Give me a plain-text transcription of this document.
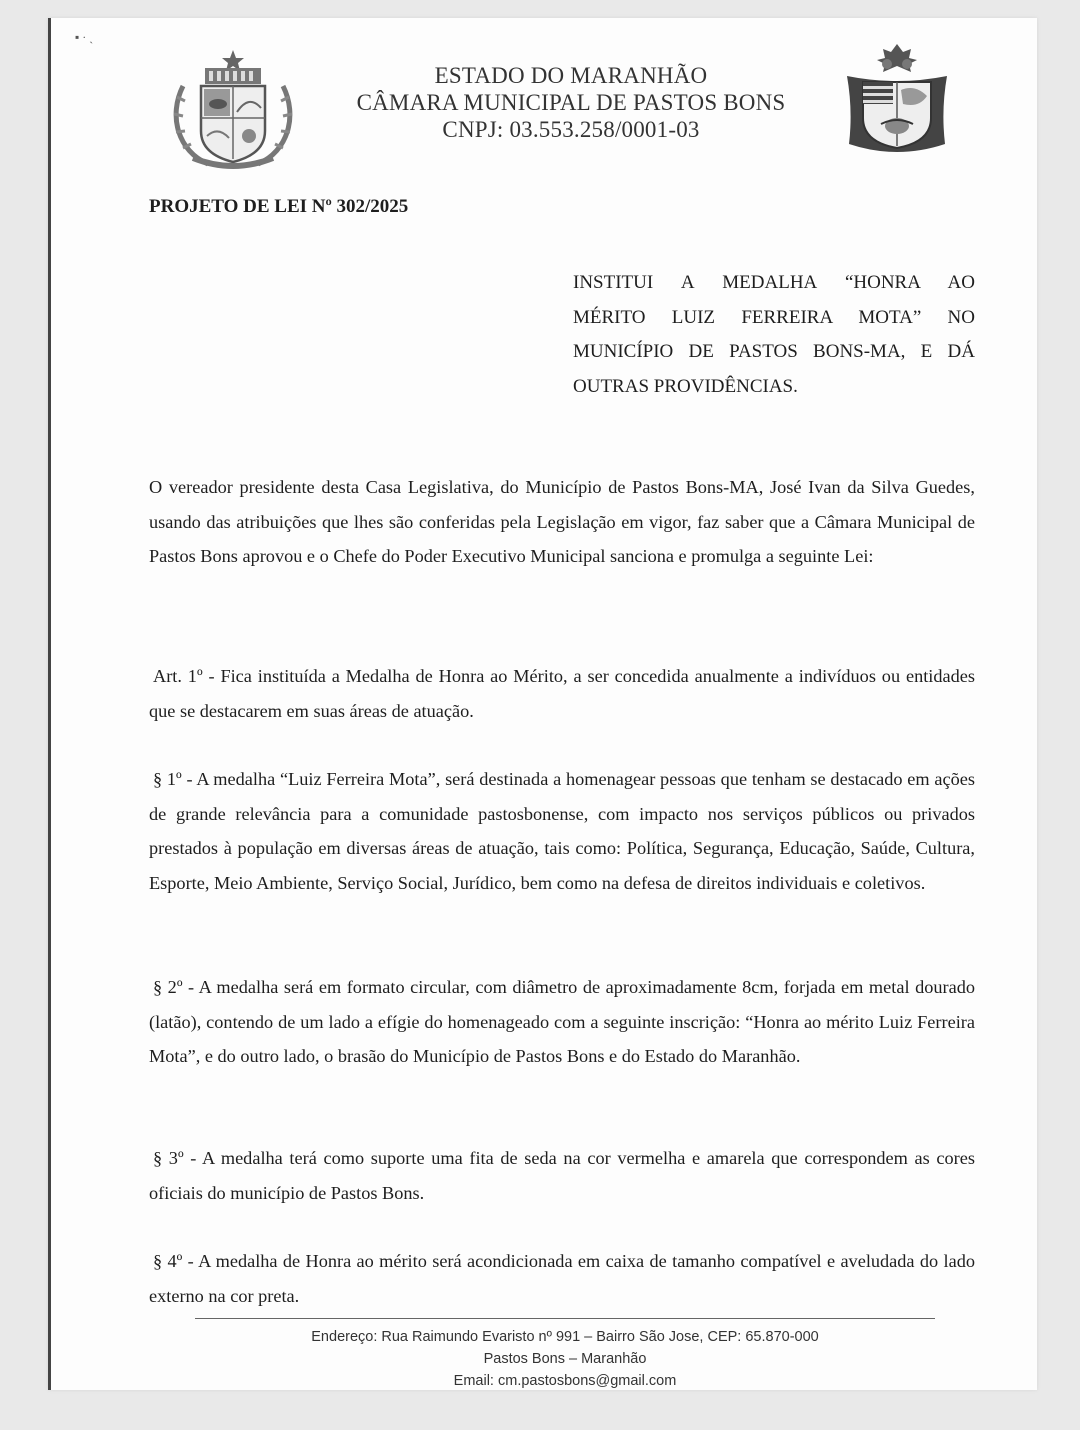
▪ · ˎ
ESTADO DO MARANHÃO
CÂMARA MUNICIPAL DE PASTOS BONS
CNPJ: 03.553.258/0001-03
PROJETO DE LEI Nº 302/2025
INSTITUI A MEDALHA “HONRA AO
MÉRITO LUIZ FERREIRA MOTA” NO
MUNICÍPIO DE PASTOS BONS-MA, E DÁ
OUTRAS PROVIDÊNCIAS.
O vereador presidente desta Casa Legislativa, do Município de Pastos Bons-MA, José Ivan da Silva Guedes, usando das atribuições que lhes são conferidas pela Legislação em vigor, faz saber que a Câmara Municipal de Pastos Bons aprovou e o Chefe do Poder Executivo Municipal sanciona e promulga a seguinte Lei:
Art. 1º - Fica instituída a Medalha de Honra ao Mérito, a ser concedida anualmente a indivíduos ou entidades que se destacarem em suas áreas de atuação.
§ 1º - A medalha “Luiz Ferreira Mota”, será destinada a homenagear pessoas que tenham se destacado em ações de grande relevância para a comunidade pastosbonense, com impacto nos serviços públicos ou privados prestados à população em diversas áreas de atuação, tais como: Política, Segurança, Educação, Saúde, Cultura, Esporte, Meio Ambiente, Serviço Social, Jurídico, bem como na defesa de direitos individuais e coletivos.
§ 2º - A medalha será em formato circular, com diâmetro de aproximadamente 8cm, forjada em metal dourado (latão), contendo de um lado a efígie do homenageado com a seguinte inscrição: “Honra ao mérito Luiz Ferreira Mota”, e do outro lado, o brasão do Município de Pastos Bons e do Estado do Maranhão.
§ 3º - A medalha terá como suporte uma fita de seda na cor vermelha e amarela que correspondem as cores oficiais do município de Pastos Bons.
§ 4º - A medalha de Honra ao mérito será acondicionada em caixa de tamanho compatível e aveludada do lado externo na cor preta.
Endereço: Rua Raimundo Evaristo nº 991 – Bairro São Jose, CEP: 65.870-000
Pastos Bons – Maranhão
Email: cm.pastosbons@gmail.com
